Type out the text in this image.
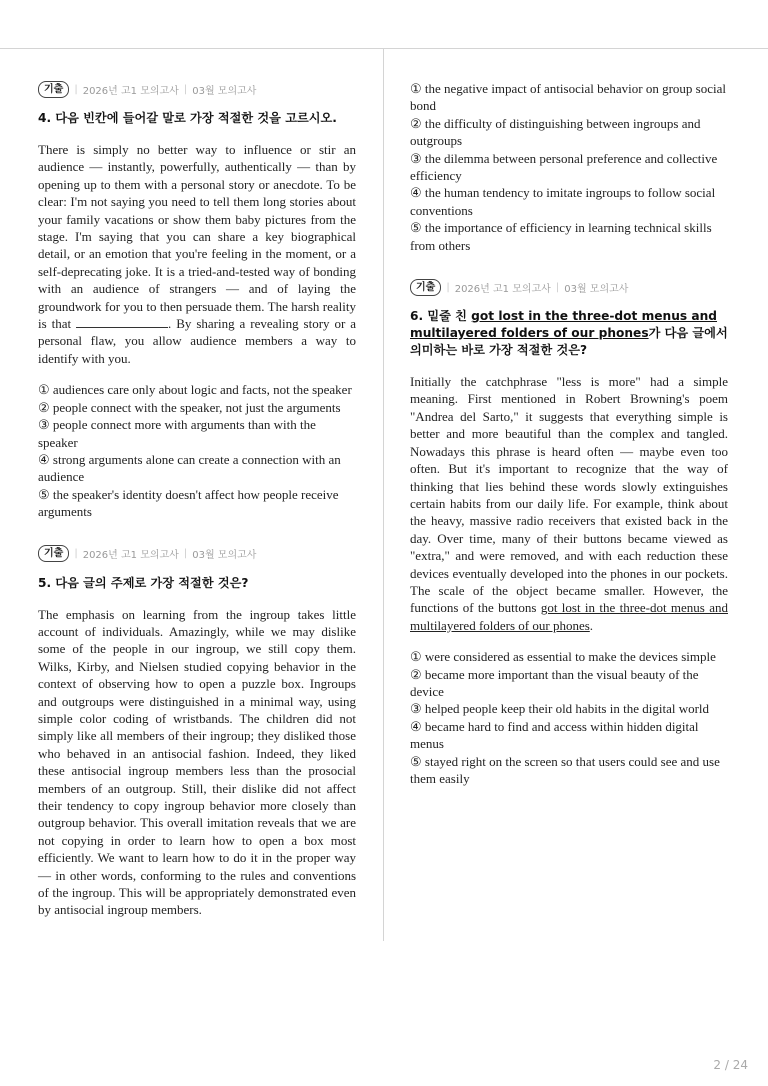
기출	| 2026년 고1 모의고사 | 03월 모의고사
4. 다음 빈칸에 들어갈 말로 가장 적절한 것을 고르시오.

There is simply no better way to influence or stir an audience — instantly, powerfully, authentically — than by opening up to them with a personal story or anecdote. To be clear: I'm not saying you need to tell them long stories about your family vacations or show them baby pictures from the stage. I'm saying that you can share a key biographical detail, or an emotion that you're feeling in the moment, or a self-deprecating joke. It is a tried-and-tested way of bonding with an audience of strangers — and of laying the groundwork for you to then persuade them. The harsh reality is that	. By sharing a revealing story or a personal flaw, you allow audience members a way to identify with you.

① audiences care only about logic and facts, not the speaker
② people connect with the speaker, not just the arguments
③ people connect more with arguments than with the speaker
④ strong arguments alone can create a connection with an audience
⑤ the speaker's identity doesn't affect how people receive arguments
기출	| 2026년 고1 모의고사 | 03월 모의고사
5. 다음 글의 주제로 가장 적절한 것은?

The emphasis on learning from the ingroup takes little account of individuals. Amazingly, while we may dislike some of the people in our ingroup, we still copy them. Wilks, Kirby, and Nielsen studied copying behavior in the context of observing how to open a puzzle box. Ingroups and outgroups were distinguished in a minimal way, using simple color coding of wristbands. The children did not simply like all members of their ingroup; they disliked those who behaved in an antisocial fashion. Indeed, they liked these antisocial ingroup members less than the prosocial members of an outgroup. Still, their dislike did not affect their tendency to copy ingroup behavior more closely than outgroup behavior. This overall imitation reveals that we are not copying in order to learn how to open a box most efficiently. We want to learn how to do it in the proper way — in other words, conforming to the rules and conventions of the ingroup. This will be appropriately demonstrated even by antisocial ingroup members.

① the negative impact of antisocial behavior on group social bond
② the difficulty of distinguishing between ingroups and outgroups
③ the dilemma between personal preference and collective efficiency
④ the human tendency to imitate ingroups to follow social conventions
⑤ the importance of efficiency in learning technical skills from others
기출	| 2026년 고1 모의고사 | 03월 모의고사
6. 밑줄 친 got lost in the three-dot menus and multilayered folders of our phones가 다음 글에서 의미하는 바로 가장 적절한 것은?

Initially the catchphrase "less is more" had a simple meaning. First mentioned in Robert Browning's poem "Andrea del Sarto," it suggests that everything simple is better and more beautiful than the complex and tangled. Nowadays this phrase is heard often — maybe even too often. But it's important to recognize that the way of thinking that lies behind these words slowly extinguishes certain habits from our daily life. For example, think about the heavy, massive radio receivers that existed back in the day. Over time, many of their buttons became viewed as "extra," and were removed, and with each reduction these devices eventually developed into the phones in our pockets. The scale of the object became smaller. However, the functions of the buttons got lost in the three-dot menus and multilayered folders of our phones.

① were considered as essential to make the devices simple
② became more important than the visual beauty of the device
③ helped people keep their old habits in the digital world
④ became hard to find and access within hidden digital menus
⑤ stayed right on the screen so that users could see and use them easily
2 / 24
